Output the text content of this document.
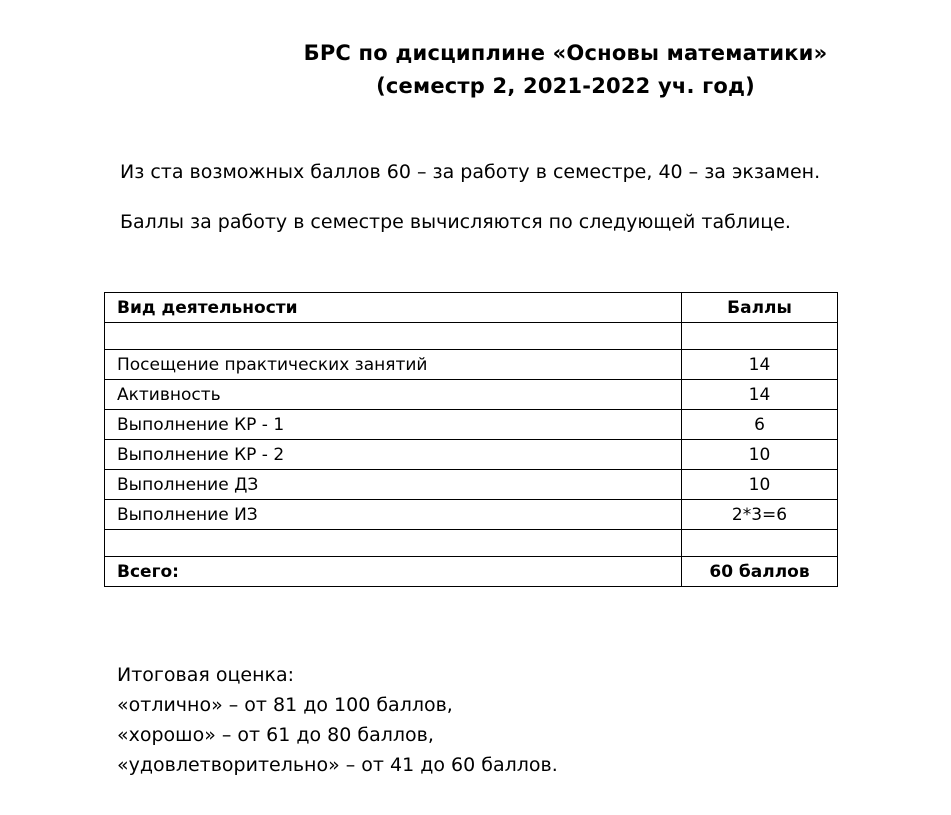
БРС по дисциплине «Основы математики»
(семестр 2, 2021-2022 уч. год)
Из ста возможных баллов 60 – за работу в семестре, 40 – за экзамен.
Баллы за работу в семестре вычисляются по следующей таблице.
Вид деятельности	Баллы

Посещение практических занятий	14
Активность	14
Выполнение КР - 1	6
Выполнение КР - 2	10
Выполнение ДЗ	10
Выполнение ИЗ	2*3=6

Всего:	60 баллов
Итоговая оценка:
«отлично» – от 81 до 100 баллов,
«хорошо» – от 61 до 80 баллов,
«удовлетворительно» – от 41 до 60 баллов.
